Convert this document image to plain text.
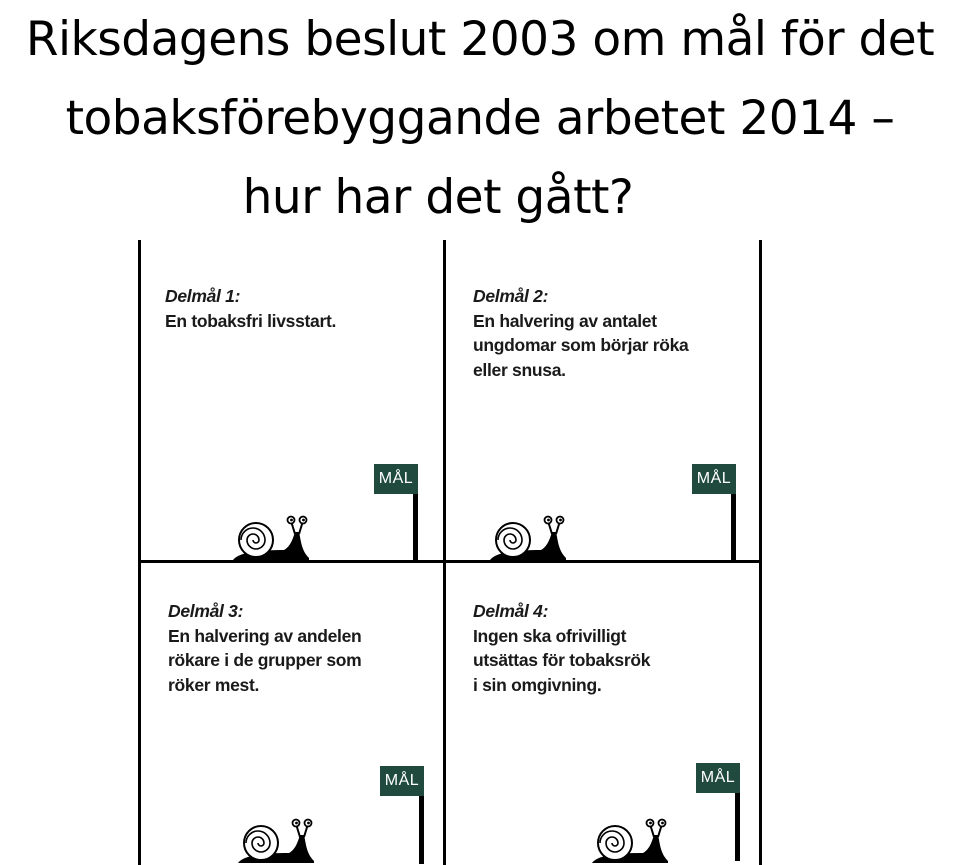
Riksdagens beslut 2003 om mål för det
tobaksförebyggande arbetet 2014 –
hur har det gått?
Delmål 1:
En tobaksfri livsstart.
MÅL
Delmål 2:
En halvering av antalet
ungdomar som börjar röka
eller snusa.
MÅL
Delmål 3:
En halvering av andelen
rökare i de grupper som
röker mest.
MÅL
Delmål 4:
Ingen ska ofrivilligt
utsättas för tobaksrök
i sin omgivning.
MÅL
